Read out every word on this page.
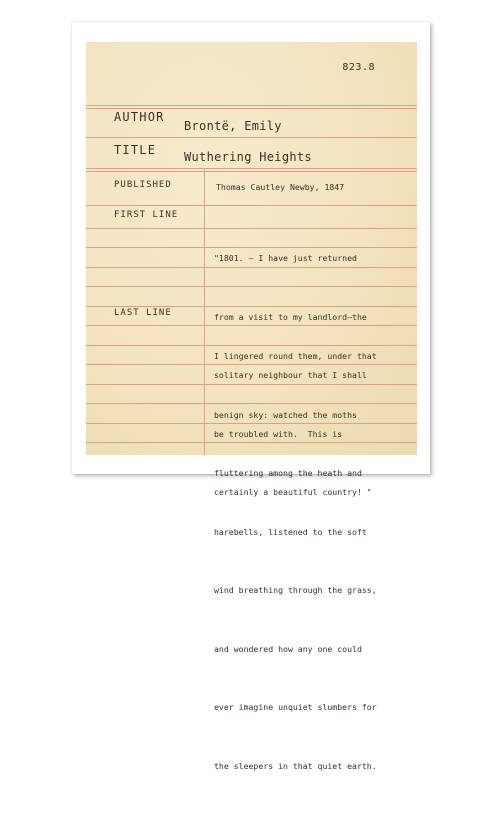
823.8
AUTHOR
Brontë, Emily
TITLE Wuthering Heights
PUBLISHED	Thomas Cautley Newby, 1847
FIRST LINE

"1801. — I have just returned

from a visit to my landlord—the

solitary neighbour that I shall

be troubled with.  This is

certainly a beautiful country! "

LAST LINE

I lingered round them, under that

benign sky: watched the moths

fluttering among the heath and

harebells, listened to the soft

wind breathing through the grass,

and wondered how any one could

ever imagine unquiet slumbers for

the sleepers in that quiet earth.
